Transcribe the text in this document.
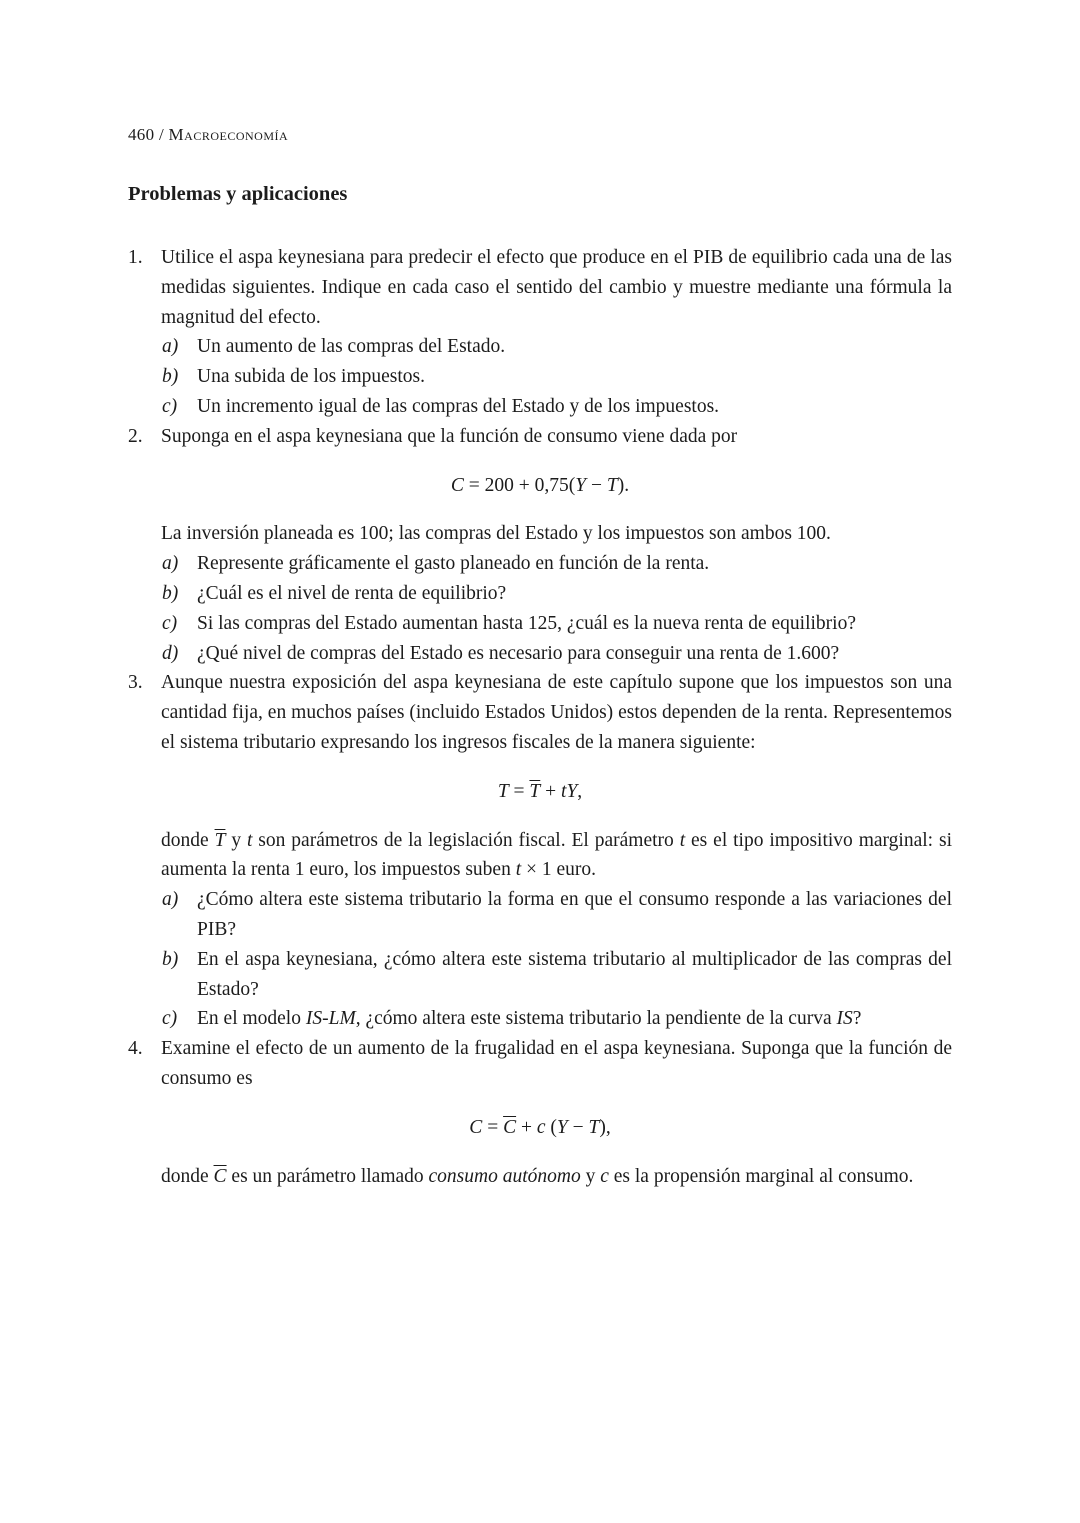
460 / Macroeconomía
Problemas y aplicaciones
1. Utilice el aspa keynesiana para predecir el efecto que produce en el PIB de equilibrio cada una de las medidas siguientes. Indique en cada caso el sentido del cambio y muestre mediante una fórmula la magnitud del efecto.

a) Un aumento de las compras del Estado.

b) Una subida de los impuestos.

c) Un incremento igual de las compras del Estado y de los impuestos.

2. Suponga en el aspa keynesiana que la función de consumo viene dada por

C = 200 + 0,75(Y − T).

La inversión planeada es 100; las compras del Estado y los impuestos son ambos 100.

a) Represente gráficamente el gasto planeado en función de la renta.

b) ¿Cuál es el nivel de renta de equilibrio?

c) Si las compras del Estado aumentan hasta 125, ¿cuál es la nueva renta de equilibrio?

d) ¿Qué nivel de compras del Estado es necesario para conseguir una renta de 1.600?

3. Aunque nuestra exposición del aspa keynesiana de este capítulo supone que los impuestos son una cantidad fija, en muchos países (incluido Estados Unidos) estos dependen de la renta. Representemos el sistema tributario expresando los ingresos fiscales de la manera siguiente:

$T = \overline{T}$ + tY,

donde $\overline{T}$ y t son parámetros de la legislación fiscal. El parámetro t es el tipo impositivo marginal: si aumenta la renta 1 euro, los impuestos suben t × 1 euro.

a) ¿Cómo altera este sistema tributario la forma en que el consumo responde a las variaciones del PIB?

b) En el aspa keynesiana, ¿cómo altera este sistema tributario al multiplicador de las compras del Estado?

c) En el modelo IS-LM, ¿cómo altera este sistema tributario la pendiente de la curva IS?

4. Examine el efecto de un aumento de la frugalidad en el aspa keynesiana. Suponga que la función de consumo es

$C = \overline{C} + c$ (Y − T),

donde $\overline{C}$ es un parámetro llamado consumo autónomo y c es la propensión marginal al consumo.
